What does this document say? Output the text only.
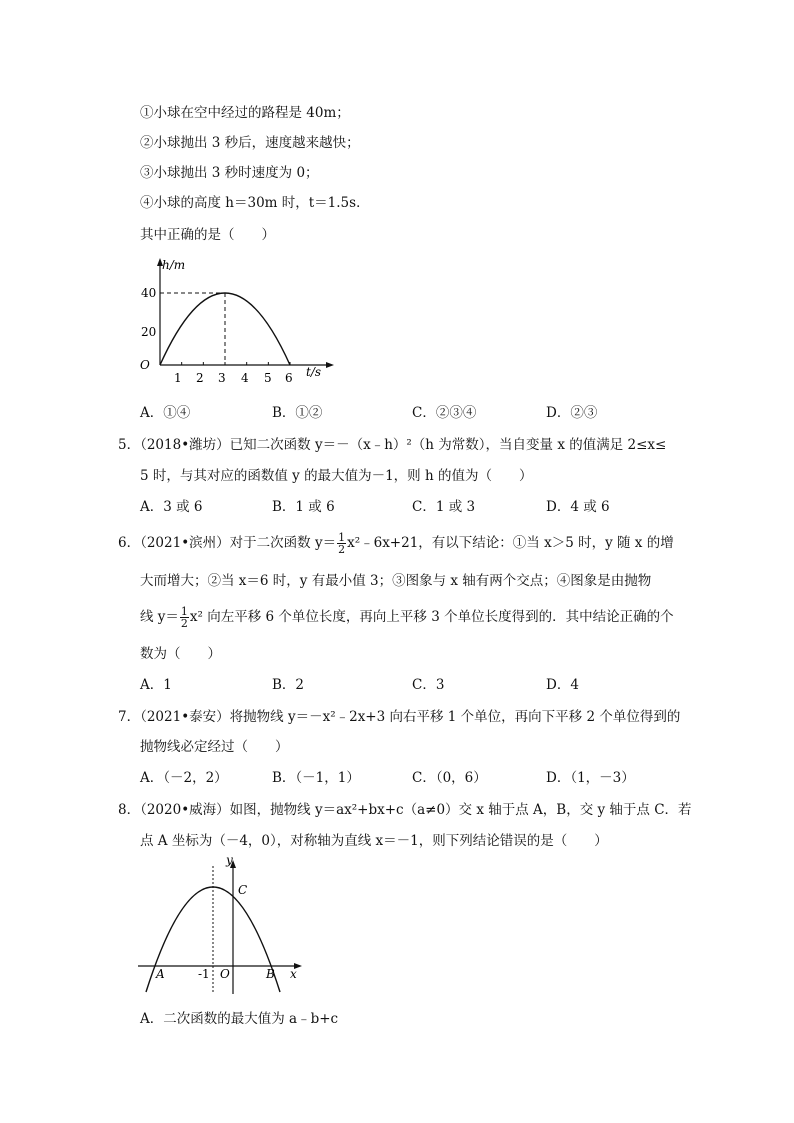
①小球在空中经过的路程是 40m；
②小球抛出 3 秒后，速度越来越快；
③小球抛出 3 秒时速度为 0；
④小球的高度 h＝30m 时，t＝1.5s．
其中正确的是（　　）
h/m
t/s
O
40
20
1 2 3 4 5 6
A．①④	B．①②	C．②③④	D．②③
5．（2018•潍坊）已知二次函数 y＝－（x﹣h）²（h 为常数），当自变量 x 的值满足 2≤x≤
5 时，与其对应的函数值 y 的最大值为－1，则 h 的值为（　　）
A．3 或 6	B．1 或 6	C．1 或 3	D．4 或 6
6．（2021•滨州）对于二次函数 $y= \frac{1}{2}$ x²﹣6x+21，有以下结论：①当 x＞5 时，y 随 x 的增
大而增大；②当 x＝6 时，y 有最小值 3；③图象与 x 轴有两个交点；④图象是由抛物
线 $y= \frac{1}{2} x^2$ 向左平移 6 个单位长度，再向上平移 3 个单位长度得到的．其中结论正确的个
数为（　　）
A．1	B．2	C．3	D．4
7．（2021•泰安）将抛物线 y＝－x²﹣2x+3 向右平移 1 个单位，再向下平移 2 个单位得到的
抛物线必定经过（　　）
A．（－2，2）	B．（－1，1）	C．（0，6）	D．（1，－3）
8．（2020•威海）如图，抛物线 y＝ax²+bx+c（a≠0）交 x 轴于点 A，B，交 y 轴于点 C．若
点 A 坐标为（－4，0），对称轴为直线 x＝－1，则下列结论错误的是（　　）
y
x
C
A	-1 O	B
A．二次函数的最大值为 a﹣b+c
